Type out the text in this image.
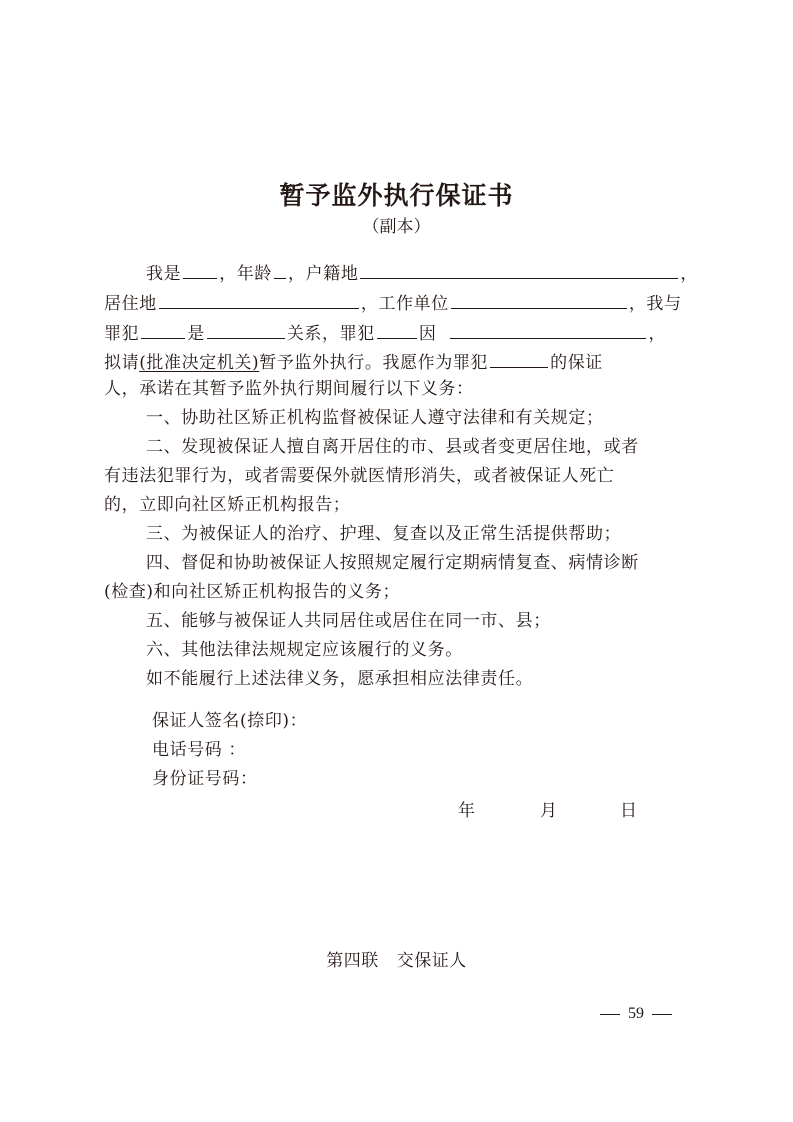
暂予监外执行保证书
（副本）
我是 ，年龄 ，户籍地	，
居住地	，工作单位	，我与
罪犯	是	关系，罪犯	因	，
拟请(批准决定机关)暂予监外执行。我愿作为罪犯	的保证
人，承诺在其暂予监外执行期间履行以下义务：
一、协助社区矫正机构监督被保证人遵守法律和有关规定；
二、发现被保证人擅自离开居住的市、县或者变更居住地，或者
有违法犯罪行为，或者需要保外就医情形消失，或者被保证人死亡
的，立即向社区矫正机构报告；
三、为被保证人的治疗、护理、复查以及正常生活提供帮助；
四、督促和协助被保证人按照规定履行定期病情复查、病情诊断
(检查)和向社区矫正机构报告的义务；
五、能够与被保证人共同居住或居住在同一市、县；
六、其他法律法规规定应该履行的义务。
如不能履行上述法律义务，愿承担相应法律责任。
保证人签名(捺印)：
电话号码 ：
身份证号码：
年	月	日
第四联 交保证人
59
